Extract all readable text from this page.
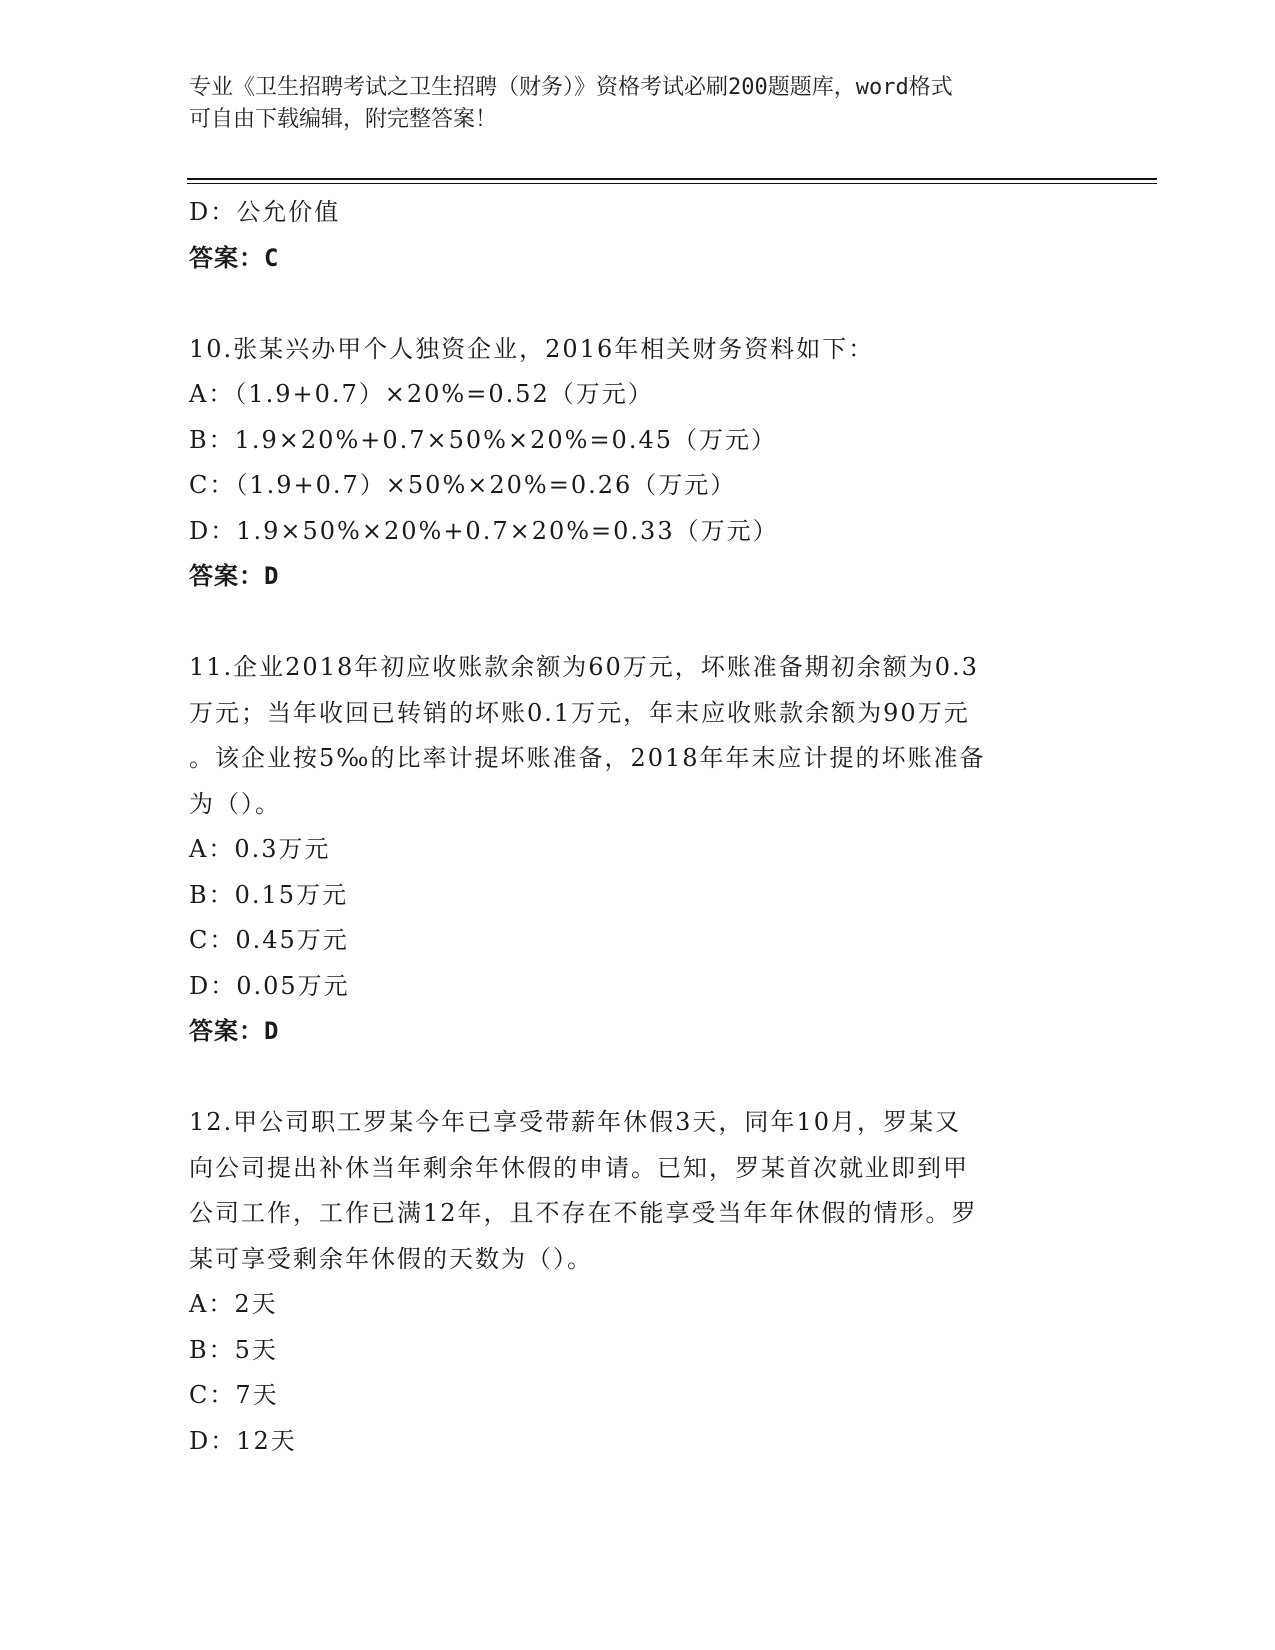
专业《卫生招聘考试之卫生招聘（财务）》资格考试必刷200题题库，word格式
可自由下载编辑，附完整答案！
D：公允价值
答案：C
10.张某兴办甲个人独资企业，2016年相关财务资料如下：
A：（1.9+0.7）×20%=0.52（万元）
B：1.9×20%+0.7×50%×20%=0.45（万元）
C：（1.9+0.7）×50%×20%=0.26（万元）
D：1.9×50%×20%+0.7×20%=0.33（万元）
答案：D
11.企业2018年初应收账款余额为60万元，坏账准备期初余额为0.3
万元；当年收回已转销的坏账0.1万元，年末应收账款余额为90万元
。该企业按5‰的比率计提坏账准备，2018年年末应计提的坏账准备
为（）。
A：0.3万元
B：0.15万元
C：0.45万元
D：0.05万元
答案：D
12.甲公司职工罗某今年已享受带薪年休假3天，同年10月，罗某又
向公司提出补休当年剩余年休假的申请。已知，罗某首次就业即到甲
公司工作，工作已满12年，且不存在不能享受当年年休假的情形。罗
某可享受剩余年休假的天数为（）。
A：2天
B：5天
C：7天
D：12天
